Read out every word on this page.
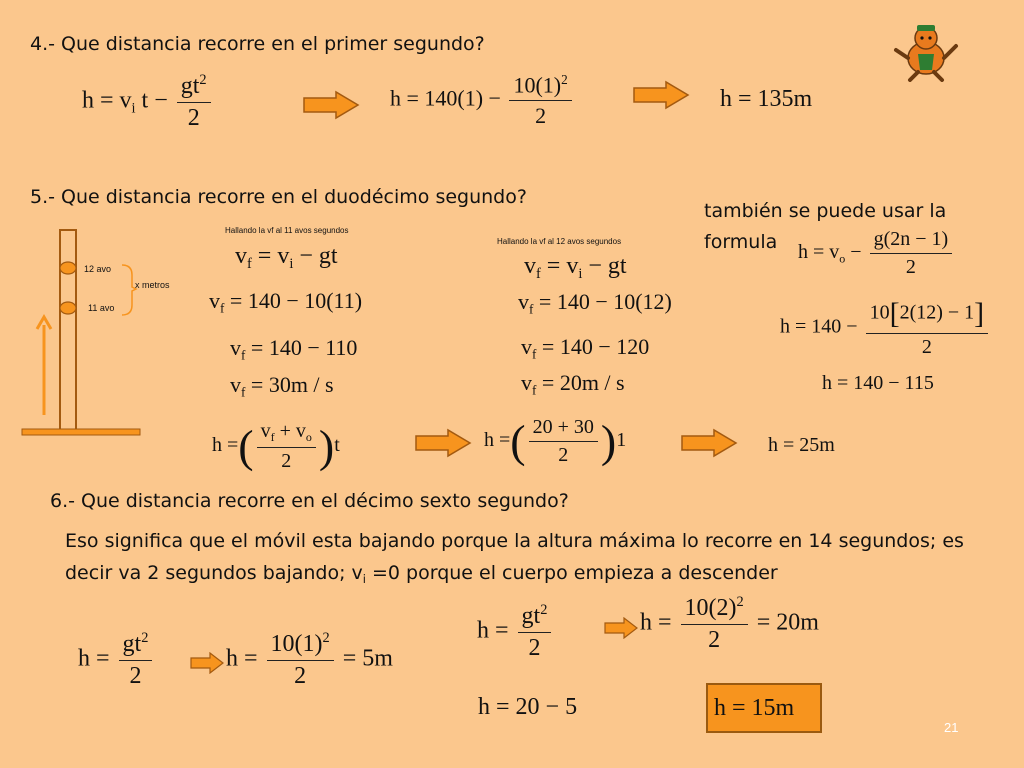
4.- Que distancia recorre en el primer segundo?
$h = v_i$ $t - \frac{gt^2}{2}$	$h = 140(1) - \frac{10(1)^2}{2}$	h = 135m
5.- Que distancia recorre en el duodécimo segundo?
12 avo
11 avo
x metros
Hallando la vf al 11 avos segundos
$v_f = v_i$ − gt
$v_f = 140 - 10(11)$
$v_f = 140 - 110$
$v_f = 30m / s$
Hallando la vf al 12 avos segundos
$v_f = v_i$ − gt
$v_f = 140 - 10(12)$
$v_f = 140 - 120$
$v_f = 20m / s$
también se puede usar la formula	$h = v_o - \frac{g(2n - 1)}{2}$
$h = 140 - \frac{10[2(12) - 1]}{2}$
h = 140 − 115
h =( $\frac{v_f + v_o}{2} )t$	h =( $\frac{20 + 30}{2} )1$	h = 25m
6.- Que distancia recorre en el décimo sexto segundo?
Eso significa que el móvil esta bajando porque la altura máxima lo recorre en 14 segundos; es decir va 2 segundos bajando; $v_i =0$ porque el cuerpo empieza a descender
$h = \frac{gt^2}{2}$	$h = \frac{10(1)^2}{2} = 5m$
$h = \frac{gt^2}{2}$	$h = \frac{10(2)^2}{2} = 20m$
h = 20 − 5	h = 15m
21
